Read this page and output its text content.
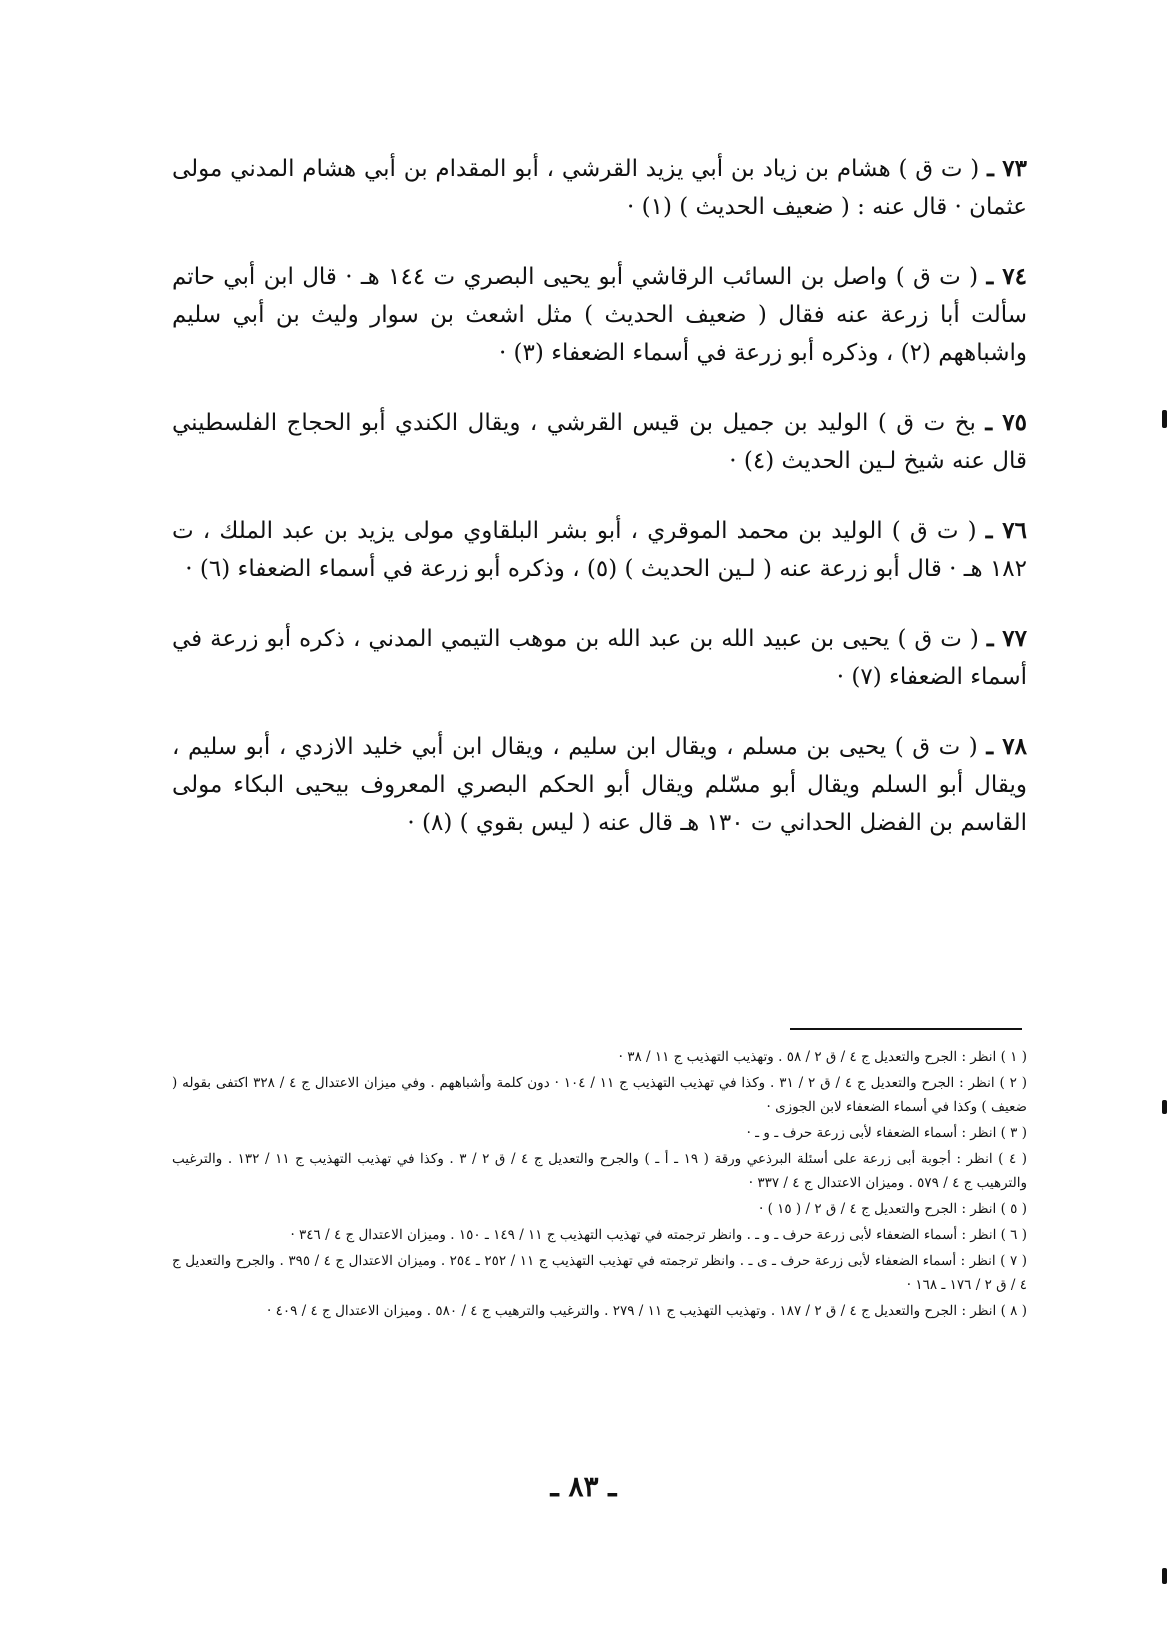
٧٣ ـ ( ت ق ) هشام بن زياد بن أبي يزيد القرشي ، أبو المقدام بن أبي هشام المدني مولى عثمان · قال عنه : ( ضعيف الحديث ) (١) ·

٧٤ ـ ( ت ق ) واصل بن السائب الرقاشي أبو يحيى البصري ت ١٤٤ هـ · قال ابن أبي حاتم سألت أبا زرعة عنه فقال ( ضعيف الحديث ) مثل اشعث بن سوار وليث بن أبي سليم واشباههم (٢) ، وذكره أبو زرعة في أسماء الضعفاء (٣) ·

٧٥ ـ بخ ت ق ) الوليد بن جميل بن قيس القرشي ، ويقال الكندي أبو الحجاج الفلسطيني قال عنه شيخ لـين الحديث (٤) ·

٧٦ ـ ( ت ق ) الوليد بن محمد الموقري ، أبو بشر البلقاوي مولى يزيد بن عبد الملك ، ت ١٨٢ هـ · قال أبو زرعة عنه ( لـين الحديث ) (٥) ، وذكره أبو زرعة في أسماء الضعفاء (٦) ·

٧٧ ـ ( ت ق ) يحيى بن عبيد الله بن عبد الله بن موهب التيمي المدني ، ذكره أبو زرعة في أسماء الضعفاء (٧) ·

٧٨ ـ ( ت ق ) يحيى بن مسلم ، ويقال ابن سليم ، ويقال ابن أبي خليد الازدي ، أبو سليم ، ويقال أبو السلم ويقال أبو مسّلم ويقال أبو الحكم البصري المعروف بيحيى البكاء مولى القاسم بن الفضل الحداني ت ١٣٠ هـ قال عنه ( ليس بقوي ) (٨) ·

( ١ ) انظر : الجرح والتعديل ج ٤ / ق ٢ / ٥٨ . وتهذيب التهذيب ج ١١ / ٣٨ ·

( ٢ ) انظر : الجرح والتعديل ج ٤ / ق ٢ / ٣١ . وكذا في تهذيب التهذيب ج ١١ / ١٠٤ · دون كلمة وأشباههم . وفي ميزان الاعتدال ج ٤ / ٣٢٨ اكتفى بقوله ( ضعيف ) وكذا في أسماء الضعفاء لابن الجوزى ·

( ٣ ) انظر : أسماء الضعفاء لأبى زرعة حرف ـ و ـ ·

( ٤ ) انظر : أجوبة أبى زرعة على أسئلة البرذعي ورقة ( ١٩ ـ أ ـ ) والجرح والتعديل ج ٤ / ق ٢ / ٣ . وكذا في تهذيب التهذيب ج ١١ / ١٣٢ . والترغيب والترهيب ج ٤ / ٥٧٩ . وميزان الاعتدال ج ٤ / ٣٣٧ ·

( ٥ ) انظر : الجرح والتعديل ج ٤ / ق ٢ / ( ١٥ ) ·

( ٦ ) انظر : أسماء الضعفاء لأبى زرعة حرف ـ و ـ . وانظر ترجمته في تهذيب التهذيب ج ١١ / ١٤٩ ـ ١٥٠ . وميزان الاعتدال ج ٤ / ٣٤٦ ·

( ٧ ) انظر : أسماء الضعفاء لأبى زرعة حرف ـ ى ـ . وانظر ترجمته في تهذيب التهذيب ج ١١ / ٢٥٢ ـ ٢٥٤ . وميزان الاعتدال ج ٤ / ٣٩٥ . والجرح والتعديل ج ٤ / ق ٢ / ١٧٦ ـ ١٦٨ ·

( ٨ ) انظر : الجرح والتعديل ج ٤ / ق ٢ / ١٨٧ . وتهذيب التهذيب ج ١١ / ٢٧٩ . والترغيب والترهيب ج ٤ / ٥٨٠ . وميزان الاعتدال ج ٤ / ٤٠٩ ·

ـ ٨٣ ـ
